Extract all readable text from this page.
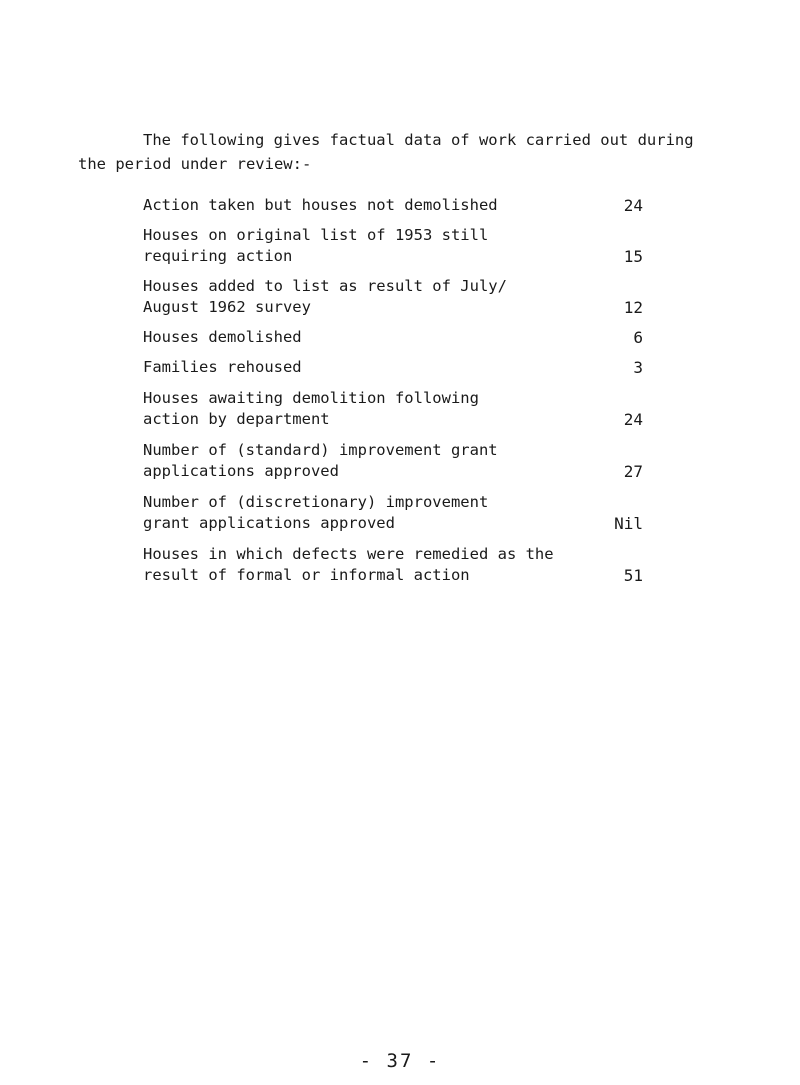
The following gives factual data of work carried out during
the period under review:-
Action taken but houses not demolished	24
Houses on original list of 1953 still
requiring action	15
Houses added to list as result of July/
August 1962 survey	12
Houses demolished	6
Families rehoused	3
Houses awaiting demolition following
action by department	24
Number of (standard) improvement grant
applications approved	27
Number of (discretionary) improvement
grant applications approved	Nil
Houses in which defects were remedied as the
result of formal or informal action	51
- 37 -
